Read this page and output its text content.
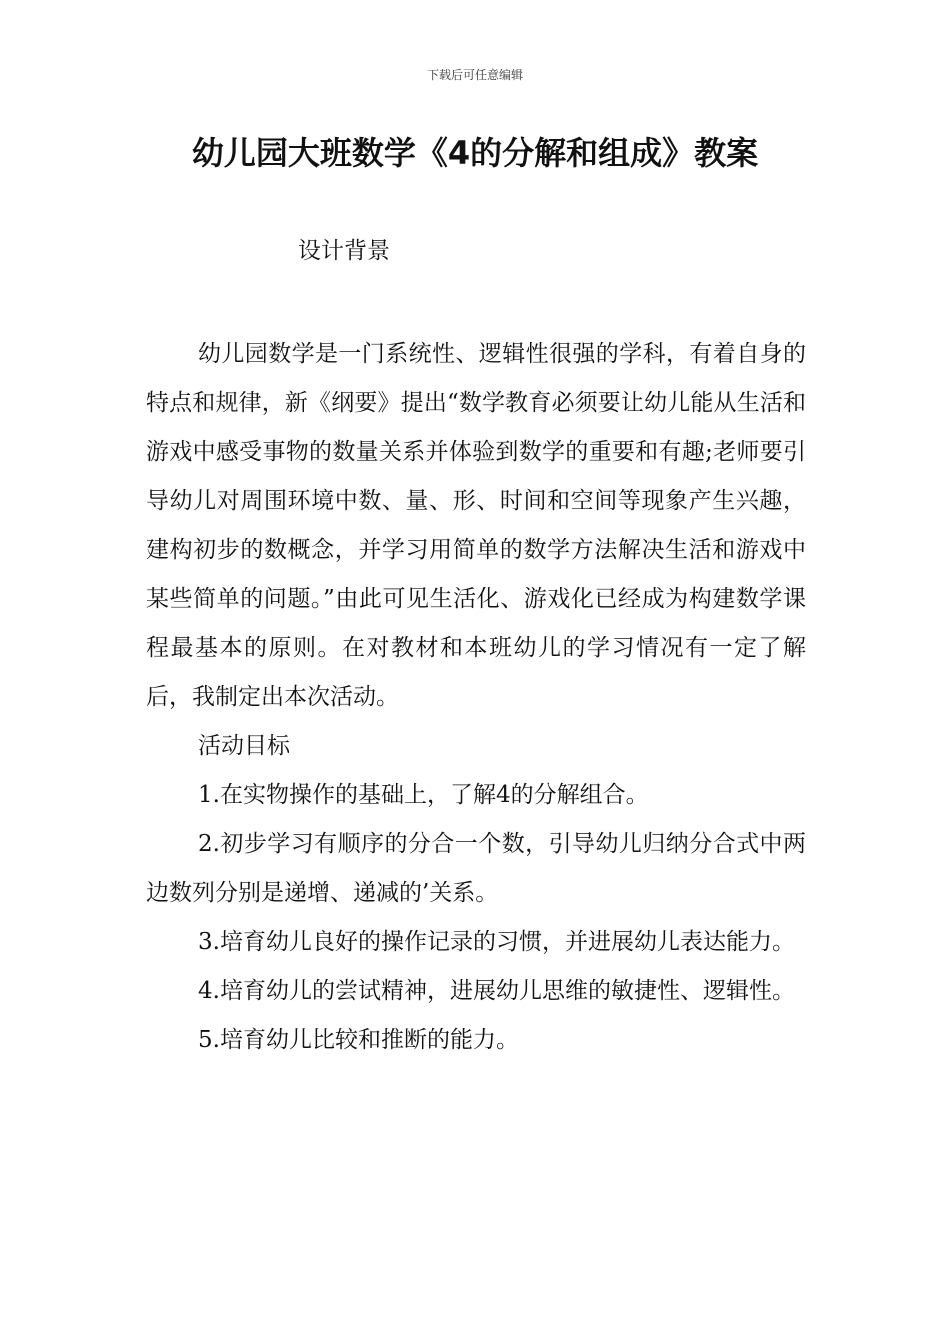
下载后可任意编辑
幼儿园大班数学《4的分解和组成》教案
设计背景

幼儿园数学是一门系统性、逻辑性很强的学科，有着自身的特点和规律，新《纲要》提出“数学教育必须要让幼儿能从生活和游戏中感受事物的数量关系并体验到数学的重要和有趣;老师要引导幼儿对周围环境中数、量、形、时间和空间等现象产生兴趣，建构初步的数概念，并学习用简单的数学方法解决生活和游戏中某些简单的问题。”由此可见生活化、游戏化已经成为构建数学课程最基本的原则。在对教材和本班幼儿的学习情况有一定了解后，我制定出本次活动。

活动目标

1.在实物操作的基础上，了解4的分解组合。

2.初步学习有顺序的分合一个数，引导幼儿归纳分合式中两边数列分别是递增、递减的’关系。

3.培育幼儿良好的操作记录的习惯，并进展幼儿表达能力。

4.培育幼儿的尝试精神，进展幼儿思维的敏捷性、逻辑性。

5.培育幼儿比较和推断的能力。
